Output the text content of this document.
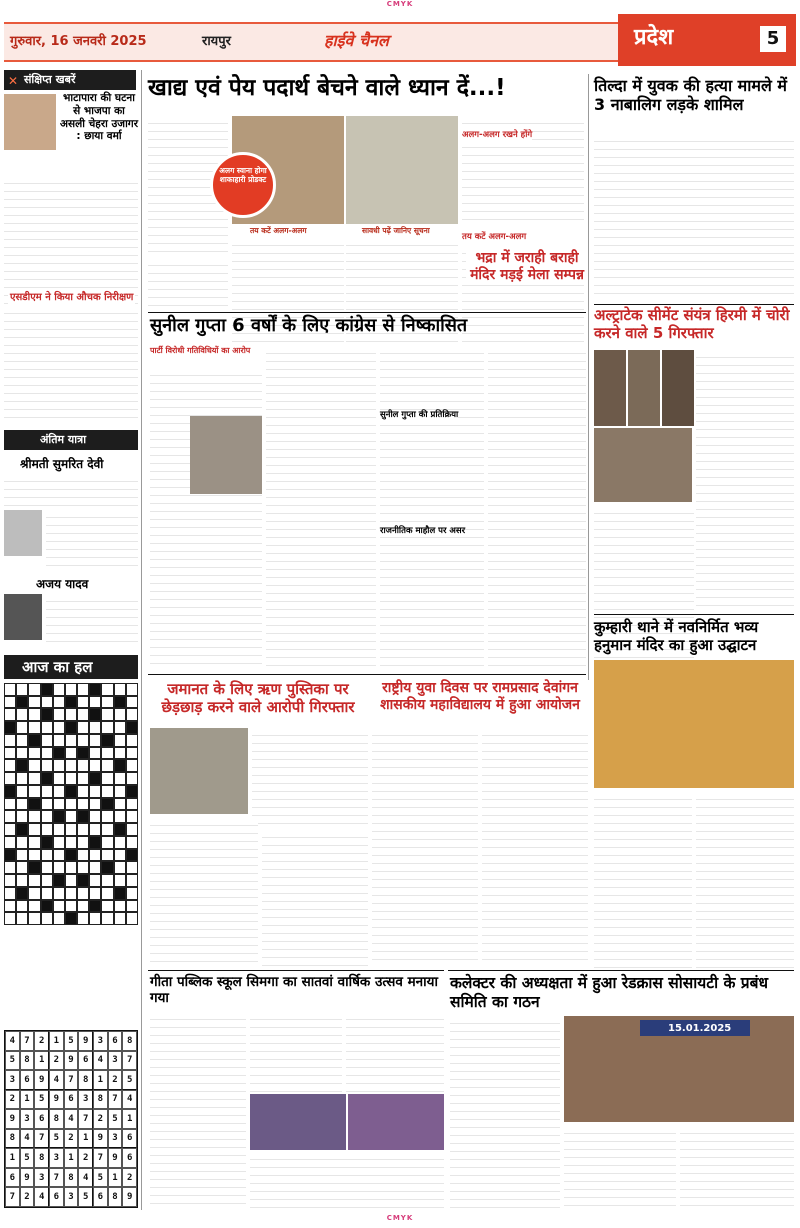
CMYK
गुरुवार, 16 जनवरी 2025	रायपुर	हाईवे चैनल	प्रदेश	5
संक्षिप्त खबरें
✕
भाटापारा की घटना से भाजपा का असली चेहरा उजागर : छाया वर्मा
एसडीएम ने किया औचक निरीक्षण
अंतिम यात्रा
श्रीमती सुमरित देवी
अजय यादव
आज का हल
4	7	2	1	5	9	3	6	8
5	8	1	2	9	6	4	3	7
3	6	9	4	7	8	1	2	5
2	1	5	9	6	3	8	7	4
9	3	6	8	4	7	2	5	1
8	4	7	5	2	1	9	3	6
1	5	8	3	1	2	7	9	6
6	9	3	7	8	4	5	1	2
7	2	4	6	3	5	6	8	9
खाद्य एवं पेय पदार्थ बेचने वाले ध्यान दें...!
अलग स्वाना होगा शाकाहारी प्रोडक्ट
तय कटें अलग-अलग	सावधी पढ़ें जानिए सूचना
अलग-अलग रखने होंगे
तय कटें अलग-अलग
तिल्दा में युवक की हत्या मामले में 3 नाबालिग लड़के शामिल
अल्ट्राटेक सीमेंट संयंत्र हिरमी में चोरी करने वाले 5 गिरफ्तार
सुनील गुप्ता 6 वर्षों के लिए कांग्रेस से निष्कासित
पार्टी विरोधी गतिविधियों का आरोप
सुनील गुप्ता की प्रतिक्रिया
राजनीतिक माहौल पर असर
भद्रा में जराही बराही मंदिर मड़ई मेला सम्पन्न
कुम्हारी थाने में नवनिर्मित भव्य हनुमान मंदिर का हुआ उद्घाटन
जमानत के लिए ऋण पुस्तिका पर छेड़छाड़ करने वाले आरोपी गिरफ्तार
राष्ट्रीय युवा दिवस पर रामप्रसाद देवांगन शासकीय महाविद्यालय में हुआ आयोजन
गीता पब्लिक स्कूल सिमगा का सातवां वार्षिक उत्सव मनाया गया
कलेक्टर की अध्यक्षता में हुआ रेडक्रास सोसायटी के प्रबंध समिति का गठन
15.01.2025
CMYK
